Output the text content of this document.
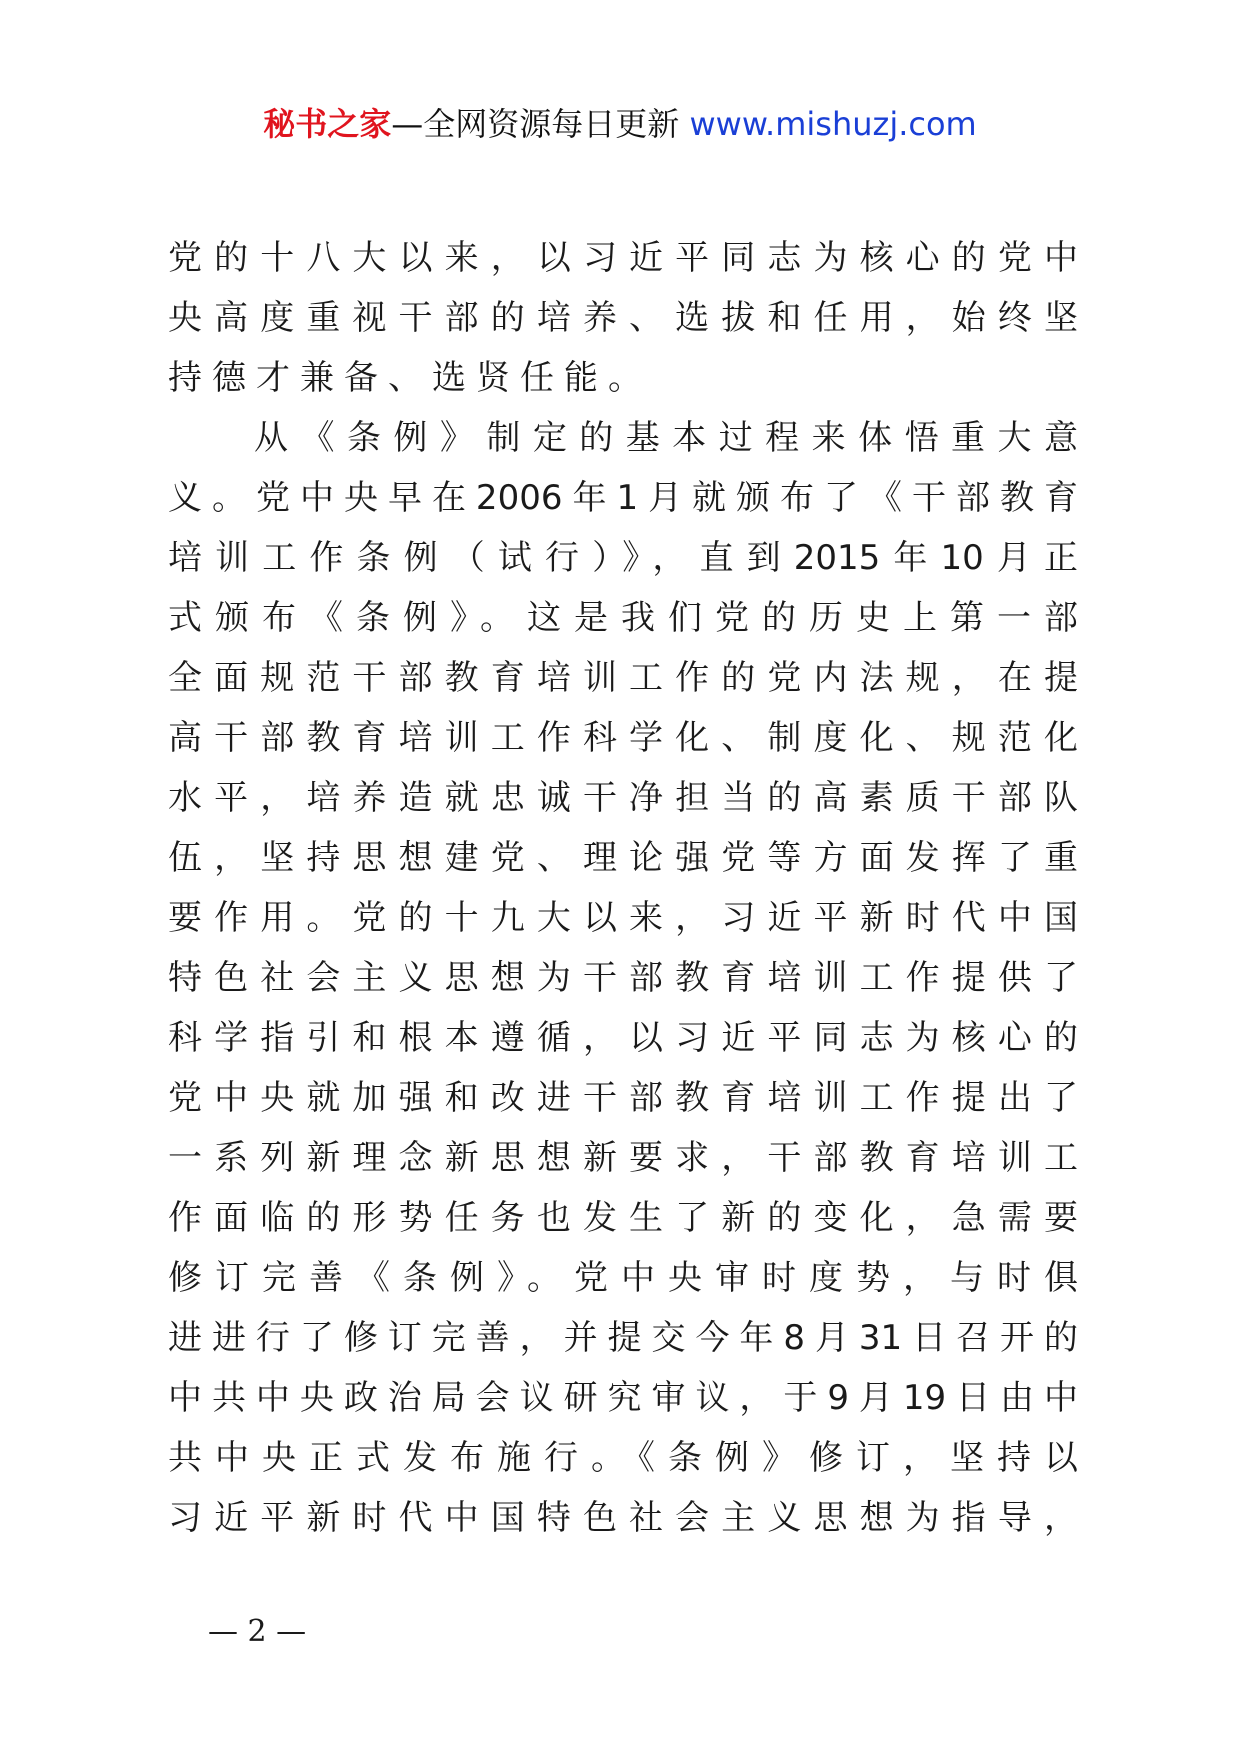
秘书之家—全网资源每日更新 www.mishuzj.com
党的十八大以来，以习近平同志为核心的党中
央高度重视干部的培养、选拔和任用，始终坚
持德才兼备、选贤任能。
从《条例》制定的基本过程来体悟重大意
义。党中央早在2006年1月就颁布了《干部教育
培训工作条例（试行）》，直到2015年10月正
式颁布《条例》。这是我们党的历史上第一部
全面规范干部教育培训工作的党内法规，在提
高干部教育培训工作科学化、制度化、规范化
水平，培养造就忠诚干净担当的高素质干部队
伍，坚持思想建党、理论强党等方面发挥了重
要作用。党的十九大以来，习近平新时代中国
特色社会主义思想为干部教育培训工作提供了
科学指引和根本遵循，以习近平同志为核心的
党中央就加强和改进干部教育培训工作提出了
一系列新理念新思想新要求，干部教育培训工
作面临的形势任务也发生了新的变化，急需要
修订完善《条例》。党中央审时度势，与时俱
进进行了修订完善，并提交今年8月31日召开的
中共中央政治局会议研究审议，于9月19日由中
共中央正式发布施行。《条例》修订，坚持以
习近平新时代中国特色社会主义思想为指导，
— 2 —
